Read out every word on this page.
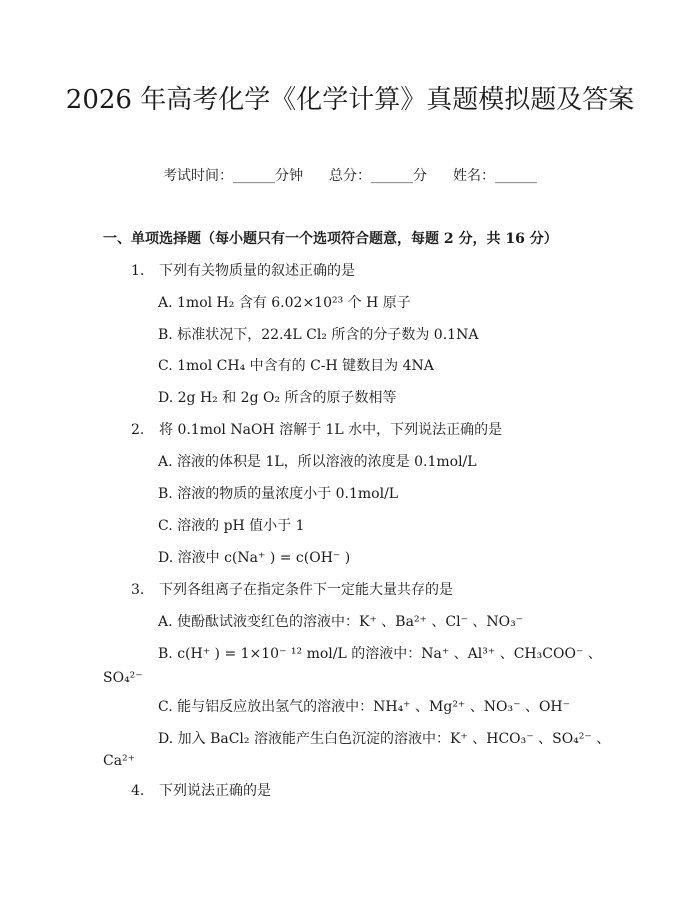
2026 年高考化学《化学计算》真题模拟题及答案
考试时间：______分钟 总分：______分 姓名：______
一、单项选择题（每小题只有一个选项符合题意，每题 2 分，共 16 分）
1. 下列有关物质量的叙述正确的是
A. 1mol H₂ 含有 6.02×10²³ 个 H 原子
B. 标准状况下，22.4L Cl₂ 所含的分子数为 0.1NA
C. 1mol CH₄ 中含有的 C-H 键数目为 4NA
D. 2g H₂ 和 2g O₂ 所含的原子数相等
2. 将 0.1mol NaOH 溶解于 1L 水中，下列说法正确的是
A. 溶液的体积是 1L，所以溶液的浓度是 0.1mol/L
B. 溶液的物质的量浓度小于 0.1mol/L
C. 溶液的 pH 值小于 1
D. 溶液中 c(Na⁺ ) = c(OH⁻ )
3. 下列各组离子在指定条件下一定能大量共存的是
A. 使酚酞试液变红色的溶液中：K⁺ 、Ba²⁺ 、Cl⁻ 、NO₃⁻
B. c(H⁺ ) = 1×10⁻ ¹² mol/L 的溶液中：Na⁺ 、Al³⁺ 、CH₃COO⁻ 、
SO₄²⁻
C. 能与铝反应放出氢气的溶液中：NH₄⁺ 、Mg²⁺ 、NO₃⁻ 、OH⁻
D. 加入 BaCl₂ 溶液能产生白色沉淀的溶液中：K⁺ 、HCO₃⁻ 、SO₄²⁻ 、
Ca²⁺
4. 下列说法正确的是
